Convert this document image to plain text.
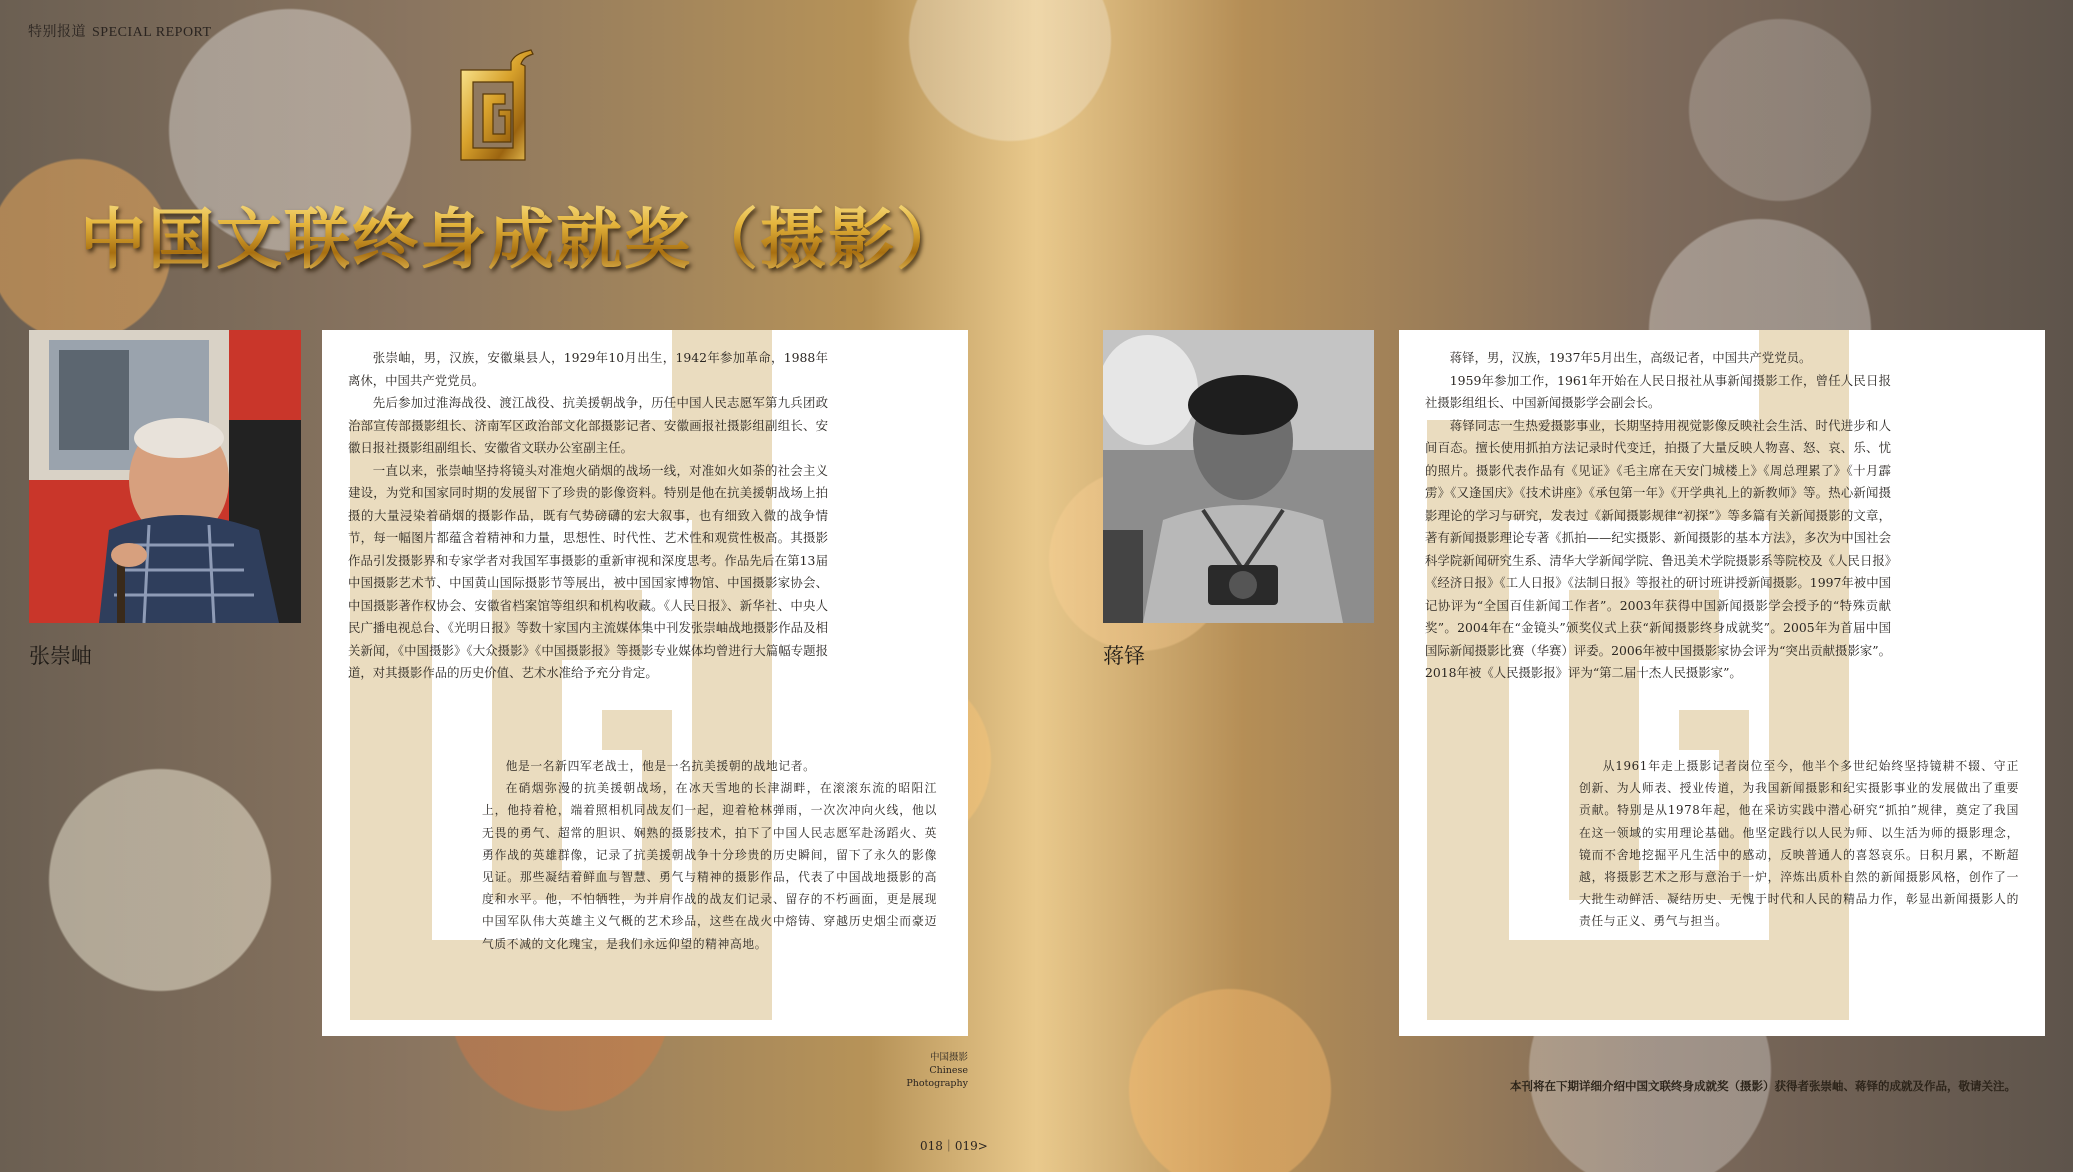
特别报道 SPECIAL REPORT
中国文联终身成就奖（摄影）
张崇岫

张崇岫，男，汉族，安徽巢县人，1929年10月出生，1942年参加革命，1988年离休，中国共产党党员。

先后参加过淮海战役、渡江战役、抗美援朝战争，历任中国人民志愿军第九兵团政治部宣传部摄影组长、济南军区政治部文化部摄影记者、安徽画报社摄影组副组长、安徽日报社摄影组副组长、安徽省文联办公室副主任。

一直以来，张崇岫坚持将镜头对准炮火硝烟的战场一线，对准如火如荼的社会主义建设，为党和国家同时期的发展留下了珍贵的影像资料。特别是他在抗美援朝战场上拍摄的大量浸染着硝烟的摄影作品，既有气势磅礴的宏大叙事，也有细致入微的战争情节，每一幅图片都蕴含着精神和力量，思想性、时代性、艺术性和观赏性极高。其摄影作品引发摄影界和专家学者对我国军事摄影的重新审视和深度思考。作品先后在第13届中国摄影艺术节、中国黄山国际摄影节等展出，被中国国家博物馆、中国摄影家协会、中国摄影著作权协会、安徽省档案馆等组织和机构收藏。《人民日报》、新华社、中央人民广播电视总台、《光明日报》等数十家国内主流媒体集中刊发张崇岫战地摄影作品及相关新闻，《中国摄影》《大众摄影》《中国摄影报》等摄影专业媒体均曾进行大篇幅专题报道，对其摄影作品的历史价值、艺术水准给予充分肯定。

他是一名新四军老战士，他是一名抗美援朝的战地记者。

在硝烟弥漫的抗美援朝战场，在冰天雪地的长津湖畔，在滚滚东流的昭阳江上，他持着枪，端着照相机同战友们一起，迎着枪林弹雨，一次次冲向火线，他以无畏的勇气、超常的胆识、娴熟的摄影技术，拍下了中国人民志愿军赴汤蹈火、英勇作战的英雄群像，记录了抗美援朝战争十分珍贵的历史瞬间，留下了永久的影像见证。那些凝结着鲜血与智慧、勇气与精神的摄影作品，代表了中国战地摄影的高度和水平。他，不怕牺牲，为并肩作战的战友们记录、留存的不朽画面，更是展现中国军队伟大英雄主义气概的艺术珍品，这些在战火中熔铸、穿越历史烟尘而豪迈气质不减的文化瑰宝，是我们永远仰望的精神高地。

蒋铎

蒋铎，男，汉族，1937年5月出生，高级记者，中国共产党党员。

1959年参加工作，1961年开始在人民日报社从事新闻摄影工作，曾任人民日报社摄影组组长、中国新闻摄影学会副会长。

蒋铎同志一生热爱摄影事业，长期坚持用视觉影像反映社会生活、时代进步和人间百态。擅长使用抓拍方法记录时代变迁，拍摄了大量反映人物喜、怒、哀、乐、忧的照片。摄影代表作品有《见证》《毛主席在天安门城楼上》《周总理累了》《十月霹雳》《又逢国庆》《技术讲座》《承包第一年》《开学典礼上的新教师》等。热心新闻摄影理论的学习与研究，发表过《新闻摄影规律“初探”》等多篇有关新闻摄影的文章，著有新闻摄影理论专著《抓拍——纪实摄影、新闻摄影的基本方法》，多次为中国社会科学院新闻研究生系、清华大学新闻学院、鲁迅美术学院摄影系等院校及《人民日报》《经济日报》《工人日报》《法制日报》等报社的研讨班讲授新闻摄影。1997年被中国记协评为“全国百佳新闻工作者”。2003年获得中国新闻摄影学会授予的“特殊贡献奖”。2004年在“金镜头”颁奖仪式上获“新闻摄影终身成就奖”。2005年为首届中国国际新闻摄影比赛（华赛）评委。2006年被中国摄影家协会评为“突出贡献摄影家”。2018年被《人民摄影报》评为“第二届十杰人民摄影家”。

从1961年走上摄影记者岗位至今，他半个多世纪始终坚持镜耕不辍、守正创新、为人师表、授业传道，为我国新闻摄影和纪实摄影事业的发展做出了重要贡献。特别是从1978年起，他在采访实践中潜心研究“抓拍”规律，奠定了我国在这一领域的实用理论基础。他坚定践行以人民为师、以生活为师的摄影理念，镜而不舍地挖掘平凡生活中的感动，反映普通人的喜怒哀乐。日积月累，不断超越，将摄影艺术之形与意治于一炉，淬炼出质朴自然的新闻摄影风格，创作了一大批生动鲜活、凝结历史、无愧于时代和人民的精品力作，彰显出新闻摄影人的责任与正义、勇气与担当。

中国摄影
Chinese
Photography
018｜019>
本刊将在下期详细介绍中国文联终身成就奖（摄影）获得者张崇岫、蒋铎的成就及作品，敬请关注。
